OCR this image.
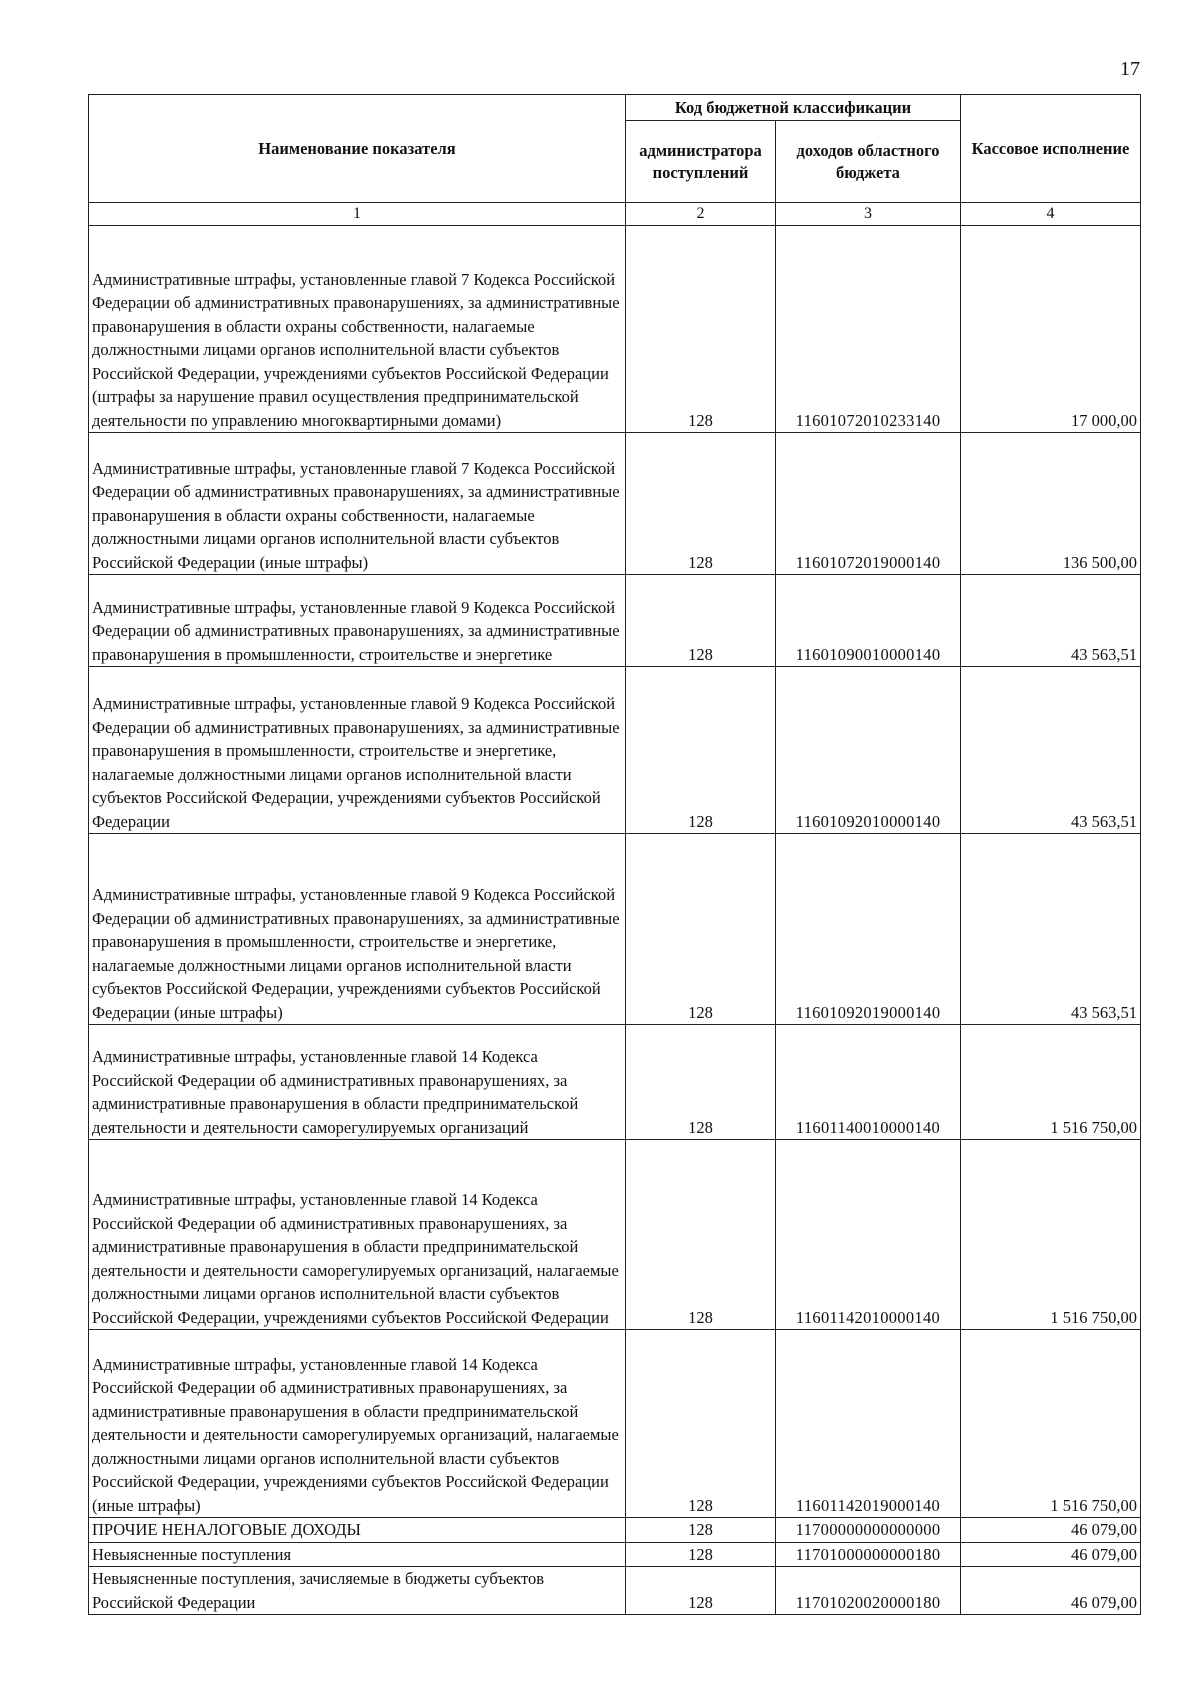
17
Наименование показателя	Код бюджетной классификации		Кассовое исполнение
	администратора поступлений	доходов областного бюджета	
1	2	3	4
Административные штрафы, установленные главой 7 Кодекса Российской Федерации об административных правонарушениях, за административные правонарушения в области охраны собственности, налагаемые должностными лицами органов исполнительной власти субъектов Российской Федерации, учреждениями субъектов Российской Федерации (штрафы за нарушение правил осуществления предпринимательской деятельности по управлению многоквартирными домами)	128	11601072010233140	17 000,00
Административные штрафы, установленные главой 7 Кодекса Российской Федерации об административных правонарушениях, за административные правонарушения в области охраны собственности, налагаемые должностными лицами органов исполнительной власти субъектов Российской Федерации (иные штрафы)	128	11601072019000140	136 500,00
Административные штрафы, установленные главой 9 Кодекса Российской Федерации об административных правонарушениях, за административные правонарушения в промышленности, строительстве и энергетике	128	11601090010000140	43 563,51
Административные штрафы, установленные главой 9 Кодекса Российской Федерации об административных правонарушениях, за административные правонарушения в промышленности, строительстве и энергетике, налагаемые должностными лицами органов исполнительной власти субъектов Российской Федерации, учреждениями субъектов Российской Федерации	128	11601092010000140	43 563,51
Административные штрафы, установленные главой 9 Кодекса Российской Федерации об административных правонарушениях, за административные правонарушения в промышленности, строительстве и энергетике, налагаемые должностными лицами органов исполнительной власти субъектов Российской Федерации, учреждениями субъектов Российской Федерации (иные штрафы)	128	11601092019000140	43 563,51
Административные штрафы, установленные главой 14 Кодекса Российской Федерации об административных правонарушениях, за административные правонарушения в области предпринимательской деятельности и деятельности саморегулируемых организаций	128	11601140010000140	1 516 750,00
Административные штрафы, установленные главой 14 Кодекса Российской Федерации об административных правонарушениях, за административные правонарушения в области предпринимательской деятельности и деятельности саморегулируемых организаций, налагаемые должностными лицами органов исполнительной власти субъектов Российской Федерации, учреждениями субъектов Российской Федерации	128	11601142010000140	1 516 750,00
Административные штрафы, установленные главой 14 Кодекса Российской Федерации об административных правонарушениях, за административные правонарушения в области предпринимательской деятельности и деятельности саморегулируемых организаций, налагаемые должностными лицами органов исполнительной власти субъектов Российской Федерации, учреждениями субъектов Российской Федерации (иные штрафы)	128	11601142019000140	1 516 750,00
ПРОЧИЕ НЕНАЛОГОВЫЕ ДОХОДЫ	128	11700000000000000	46 079,00
Невыясненные поступления	128	11701000000000180	46 079,00
Невыясненные поступления, зачисляемые в бюджеты субъектов Российской Федерации	128	11701020020000180	46 079,00
